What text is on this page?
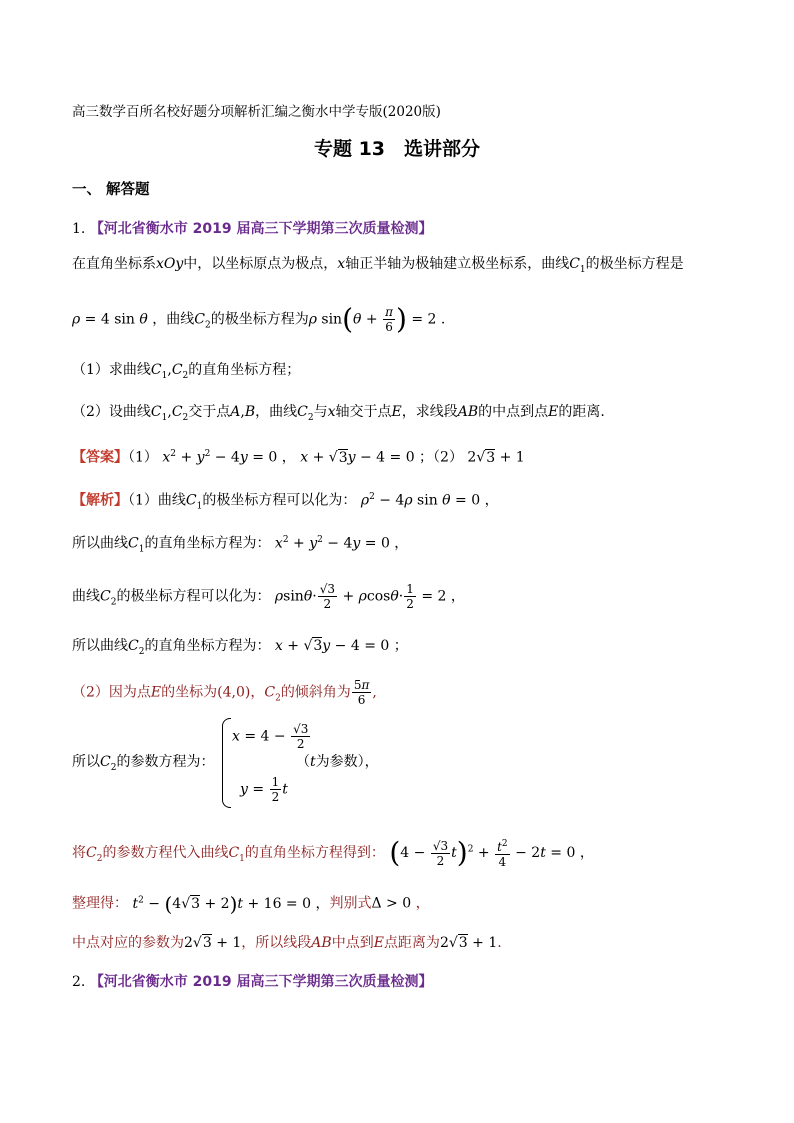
高三数学百所名校好题分项解析汇编之衡水中学专版(2020版)
专题 13　选讲部分
一、 解答题
1. 【河北省衡水市 2019 届高三下学期第三次质量检测】
在直角坐标系xOy中，以坐标原点为极点，x轴正半轴为极轴建立极坐标系，曲线$C_1$的极坐标方程是
ρ = 4 sin θ ，曲线$C_2$的极坐标方程为ρ $\sin(\theta + \frac{\pi}{6}$ ) = 2 .
（1）求曲线$C_1,C_2$的直角坐标方程；
（2）设曲线$C_1,C_2$交于点A,B，曲线$C_2$与x轴交于点E，求线段AB的中点到点E的距离.
【答案】（1） $x^2 + y^2 - 4y = 0$ ， x + √3y − 4 = 0 ；（2） 2√3 + 1
【解析】（1）曲线$C_1$的极坐标方程可以化为： $\rho^2 - 4\rho$ sin θ = 0 ，
所以曲线$C_1$的直角坐标方程为： $x^2 + y^2 - 4y = 0$ ，
曲线$C_2$的极坐标方程可以化为： $\rho\sin\theta\cdot \frac{√3}{2} + \rho\cos\theta\cdot \frac{1}{2} = 2$ ，
所以曲线$C_2$的直角坐标方程为： x + √3y − 4 = 0 ；
（2）因为点E的坐标为(4,0)，$C_2$的倾斜角为 $\frac{5\pi}{6}$ ,
所以$C_2$的参数方程为：
$x = 4 - \frac{√3}{2}$
$y = \frac{1}{2}$ t
（t为参数），
将$C_2$的参数方程代入曲线$C_1$的直角坐标方程得到： $(4 - \frac{√3}{2} t)^2 + \frac{t^2}{4} - 2t = 0$ ，
整理得： $t^2 - (4√3 + 2)t + 16 = 0$ ，判别式Δ > 0 ，
中点对应的参数为2√3 + 1，所以线段AB中点到E点距离为2√3 + 1.
2. 【河北省衡水市 2019 届高三下学期第三次质量检测】
